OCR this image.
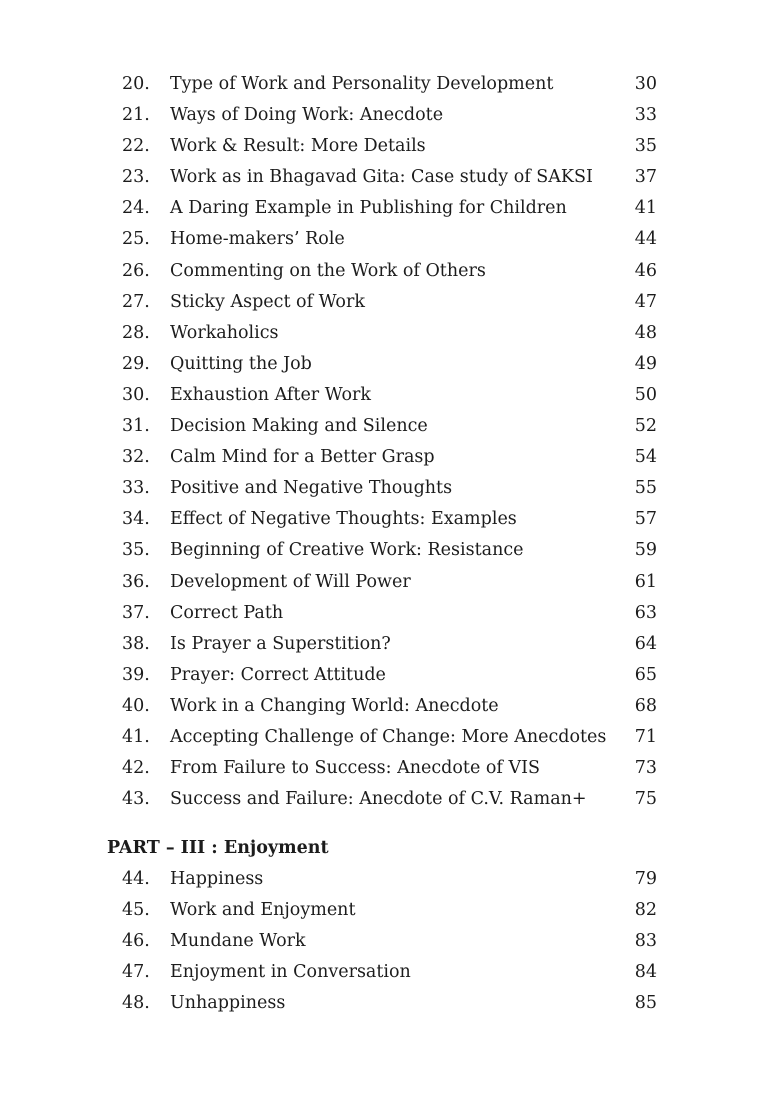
20.	Type of Work and Personality Development	30
21.	Ways of Doing Work: Anecdote	33
22.	Work & Result: More Details	35
23.	Work as in Bhagavad Gita: Case study of SAKSI 37
24.	A Daring Example in Publishing for Children	41
25.	Home-makers’ Role	44
26.	Commenting on the Work of Others	46
27.	Sticky Aspect of Work	47
28.	Workaholics	48
29.	Quitting the Job	49
30.	Exhaustion After Work	50
31.	Decision Making and Silence	52
32.	Calm Mind for a Better Grasp	54
33.	Positive and Negative Thoughts	55
34.	Effect of Negative Thoughts: Examples	57
35.	Beginning of Creative Work: Resistance	59
36.	Development of Will Power	61
37.	Correct Path	63
38.	Is Prayer a Superstition?	64
39.	Prayer: Correct Attitude	65
40.	Work in a Changing World: Anecdote	68
41.	Accepting Challenge of Change: More Anecdotes 71
42.	From Failure to Success: Anecdote of VIS	73
43.	Success and Failure: Anecdote of C.V. Raman+	75
PART – III : Enjoyment
44.	Happiness	79
45.	Work and Enjoyment	82
46.	Mundane Work	83
47.	Enjoyment in Conversation	84
48.	Unhappiness	85
